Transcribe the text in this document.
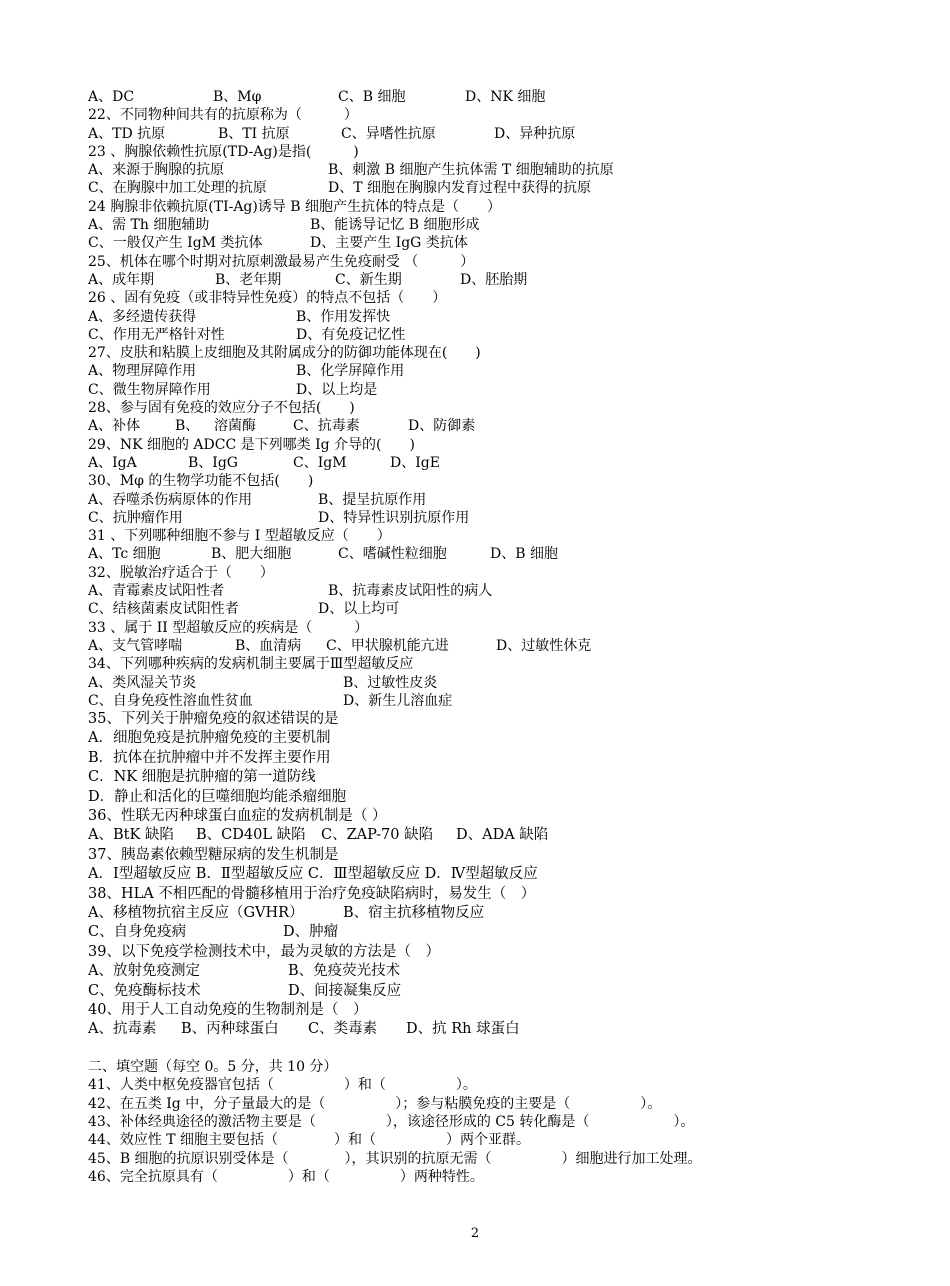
A、DC	B、Mφ	C、B 细胞	D、NK 细胞
22、不同物种间共有的抗原称为（　　　）
A、TD 抗原	B、TI 抗原	C、异嗜性抗原	D、异种抗原
23 、胸腺依赖性抗原(TD-Ag)是指(　　　)
A、来源于胸腺的抗原	B、刺激 B 细胞产生抗体需 T 细胞辅助的抗原
C、在胸腺中加工处理的抗原	D、T 细胞在胸腺内发育过程中获得的抗原
24 胸腺非依赖抗原(TI-Ag)诱导 B 细胞产生抗体的特点是（　　）
A、需 Th 细胞辅助	B、能诱导记忆 B 细胞形成
C、一般仅产生 IgM 类抗体	D、主要产生 IgG 类抗体
25、机体在哪个时期对抗原刺激最易产生免疫耐受 （　　　）
A、成年期	B、老年期	C、新生期	D、胚胎期
26 、固有免疫（或非特异性免疫）的特点不包括（　　）
A、多经遗传获得	B、作用发挥快
C、作用无严格针对性	D、有免疫记忆性
27、皮肤和粘膜上皮细胞及其附属成分的防御功能体现在(　　)
A、物理屏障作用	B、化学屏障作用
C、微生物屏障作用	D、以上均是
28、参与固有免疫的效应分子不包括(　　)
A、补体 B、 溶菌酶	C、抗毒素	D、防御素
29、NK 细胞的 ADCC 是下列哪类 Ig 介导的(　　)
A、IgA	B、IgG	C、IgM	D、IgE
30、Mφ 的生物学功能不包括(　　)
A、吞噬杀伤病原体的作用	B、提呈抗原作用
C、抗肿瘤作用	D、特异性识别抗原作用
31 、下列哪种细胞不参与 I 型超敏反应（　　）
A、Tc 细胞	B、肥大细胞	C、嗜碱性粒细胞	D、B 细胞
32、脱敏治疗适合于（　　）
A、青霉素皮试阳性者	B、抗毒素皮试阳性的病人
C、结核菌素皮试阳性者	D、以上均可
33 、属于 II 型超敏反应的疾病是（　　　）
A、支气管哮喘	B、血清病 C、甲状腺机能亢进	D、过敏性休克
34、下列哪种疾病的发病机制主要属于Ⅲ型超敏反应
A、类风湿关节炎	B、过敏性皮炎
C、自身免疫性溶血性贫血	D、新生儿溶血症
35、下列关于肿瘤免疫的叙述错误的是
A．细胞免疫是抗肿瘤免疫的主要机制
B．抗体在抗肿瘤中并不发挥主要作用
C．NK 细胞是抗肿瘤的第一道防线
D．静止和活化的巨噬细胞均能杀瘤细胞
36、性联无丙种球蛋白血症的发病机制是（ ）
A、BtK 缺陷 B、CD40L 缺陷 C、ZAP-70 缺陷 D、ADA 缺陷
37、胰岛素依赖型糖尿病的发生机制是
A．Ⅰ型超敏反应 B．Ⅱ型超敏反应 C．Ⅲ型超敏反应 D．Ⅳ型超敏反应
38、HLA 不相匹配的骨髓移植用于治疗免疫缺陷病时，易发生（　）
A、移植物抗宿主反应（GVHR）	B、宿主抗移植物反应
C、自身免疫病	D、肿瘤
39、以下免疫学检测技术中，最为灵敏的方法是（　）
A、放射免疫测定	B、免疫荧光技术
C、免疫酶标技术	D、间接凝集反应
40、用于人工自动免疫的生物制剂是（　）
A、抗毒素 B、丙种球蛋白 C、类毒素 D、抗 Rh 球蛋白
二、填空题（每空 0。5 分，共 10 分）
41、人类中枢免疫器官包括（　　　　　）和（　　　　　）。
42、在五类 Ig 中，分子量最大的是（　　　　　）；参与粘膜免疫的主要是（　　　　　）。
43、补体经典途径的激活物主要是（　　　　　），该途径形成的 C5 转化酶是（　　　　　　）。
44、效应性 T 细胞主要包括（　　　　）和（　　　　　）两个亚群。
45、B 细胞的抗原识别受体是（　　　　），其识别的抗原无需（　　　　　）细胞进行加工处理。
46、完全抗原具有（　　　　　）和（　　　　　）两种特性。
2
